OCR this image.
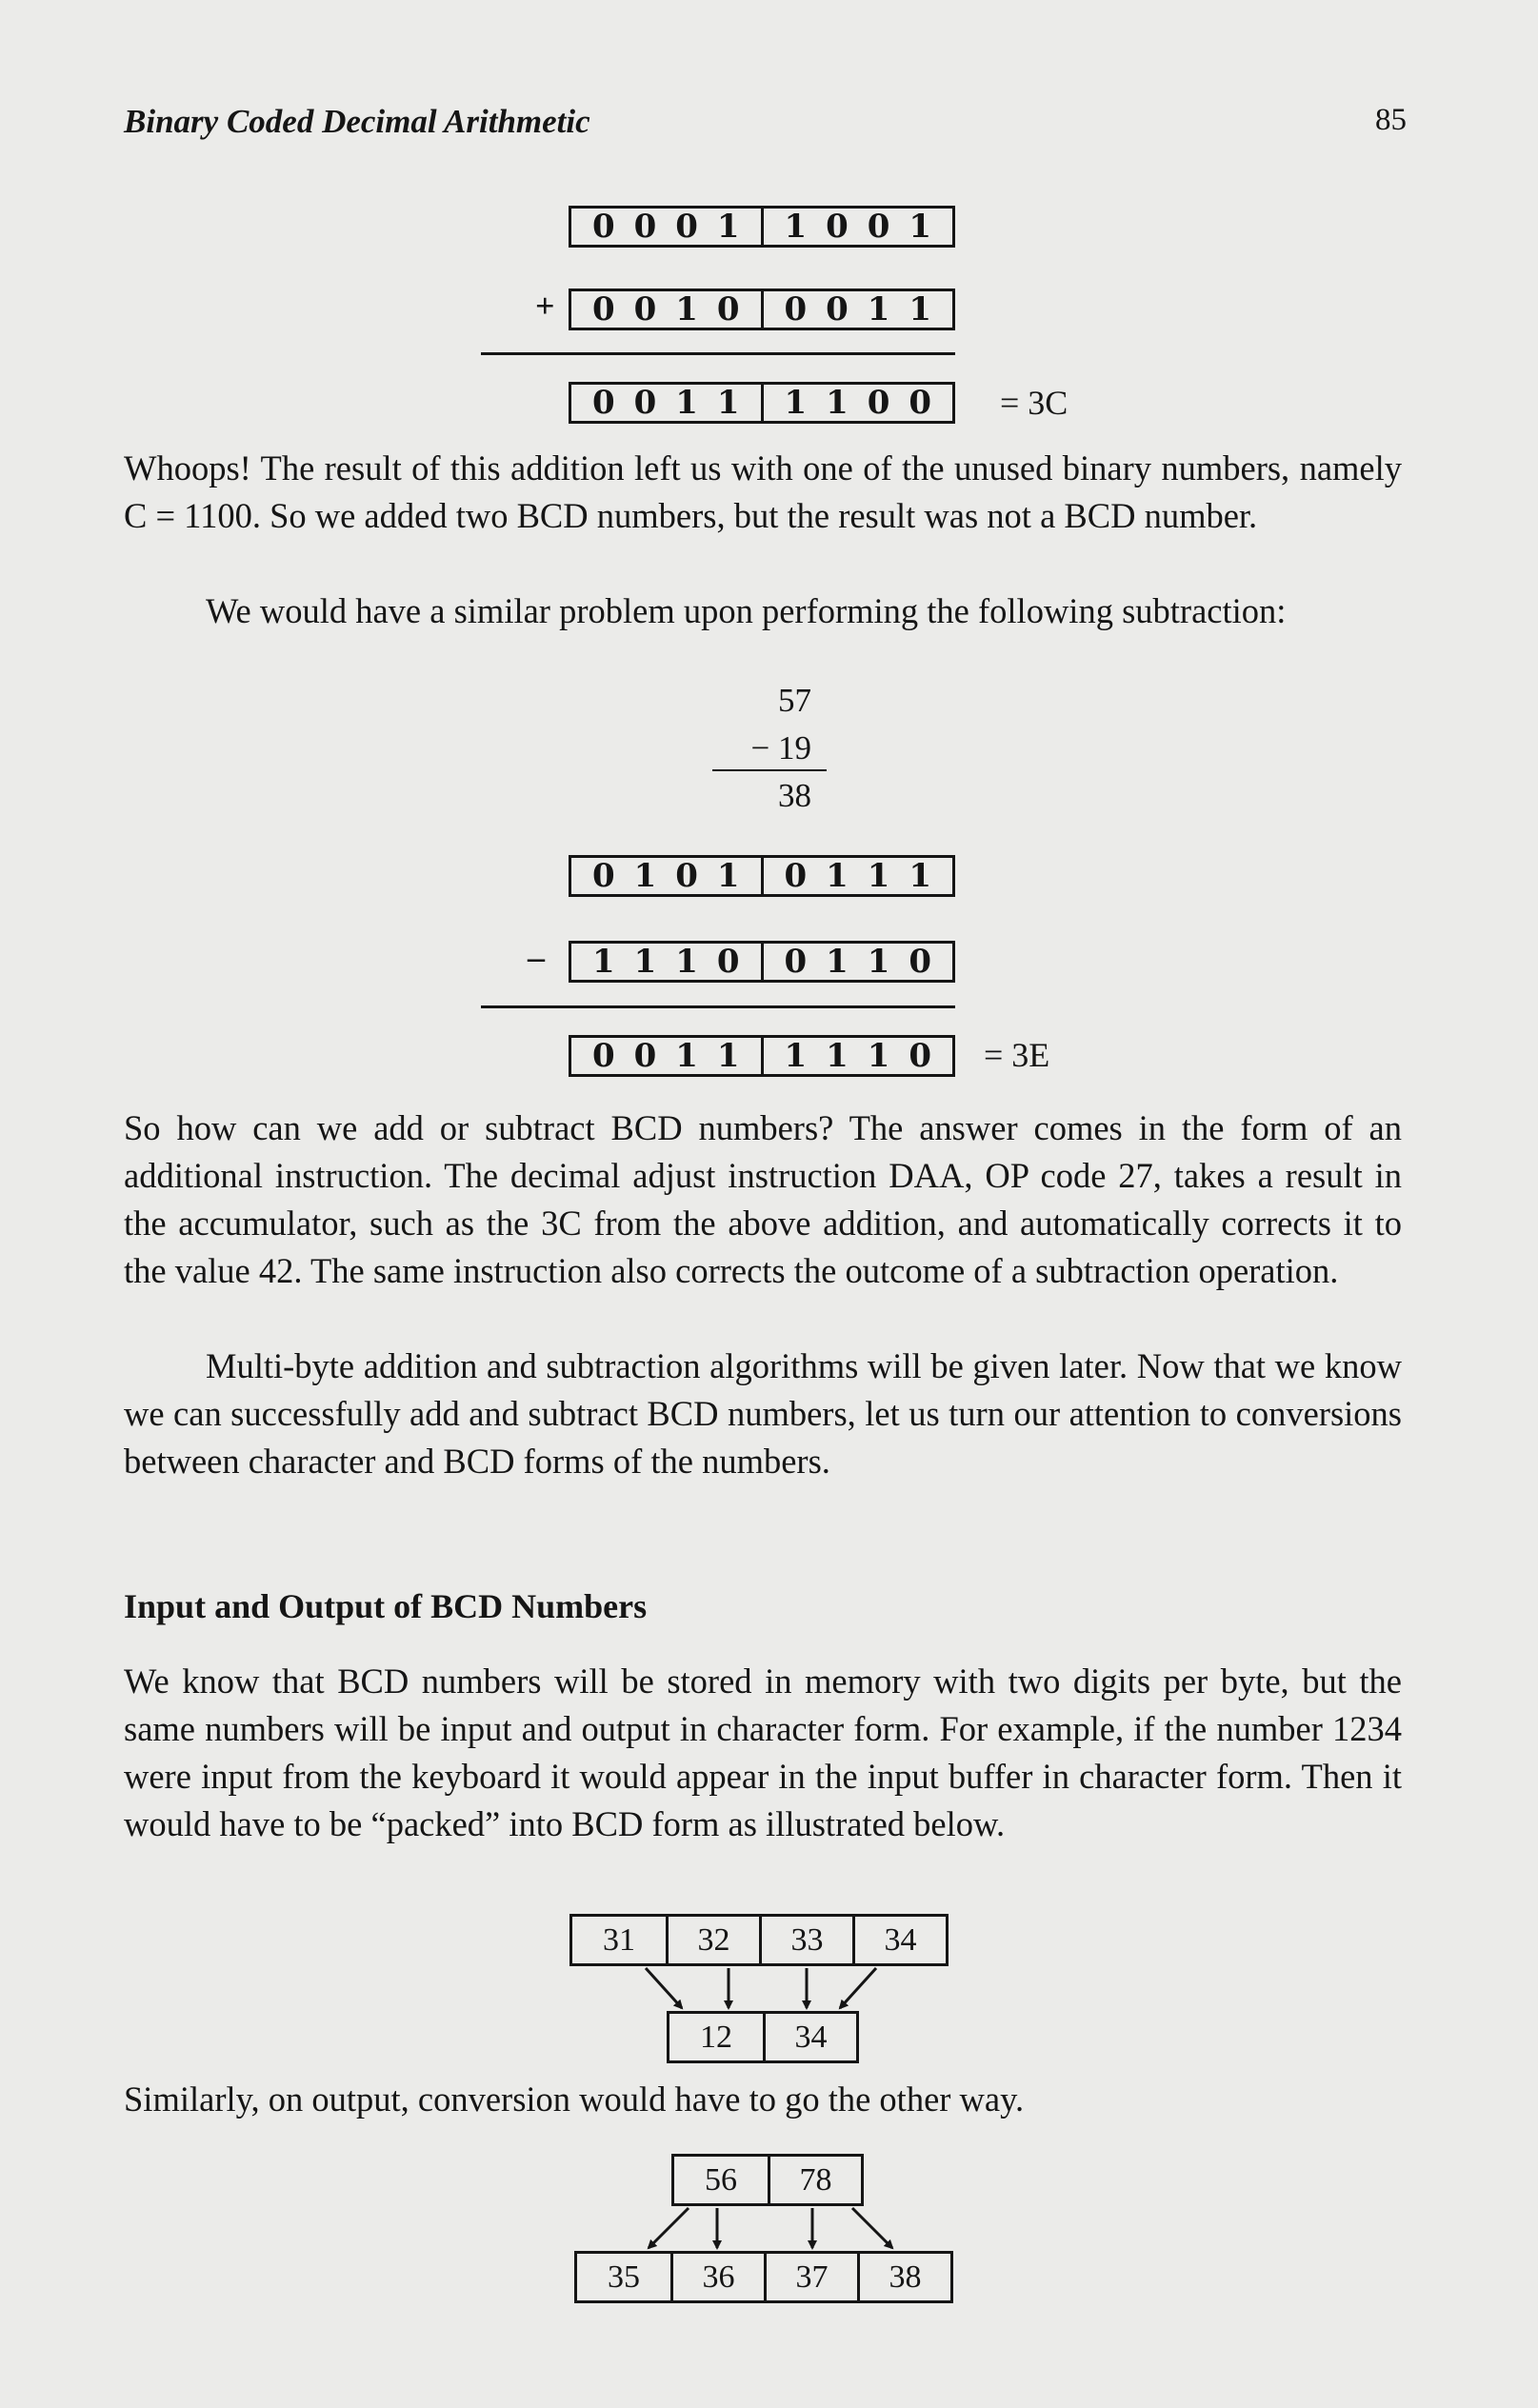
Binary Coded Decimal Arithmetic	85
0 0 0 1 1 0 0 1
+ 0 0 1 0 0 0 1 1
0 0 1 1 1 1 0 0 = 3C

Whoops! The result of this addition left us with one of the unused binary numbers, namely C = 1100. So we added two BCD numbers, but the result was not a BCD number.

We would have a similar problem upon performing the following subtraction:

57
− 19
38
0 1 0 1 0 1 1 1
– 1 1 1 0 0 1 1 0
0 0 1 1 1 1 1 0 = 3E

So how can we add or subtract BCD numbers? The answer comes in the form of an additional instruction. The decimal adjust instruction DAA, OP code 27, takes a result in the accumulator, such as the 3C from the above addition, and automatically corrects it to the value 42. The same instruction also corrects the outcome of a subtraction operation.

Multi-byte addition and subtraction algorithms will be given later. Now that we know we can successfully add and subtract BCD numbers, let us turn our attention to conversions between character and BCD forms of the numbers.

Input and Output of BCD Numbers

We know that BCD numbers will be stored in memory with two digits per byte, but the same numbers will be input and output in character form. For example, if the number 1234 were input from the keyboard it would appear in the input buffer in character form. Then it would have to be “packed” into BCD form as illustrated below.

31	32	33	34
12	34

Similarly, on output, conversion would have to go the other way.

56	78
35	36	37	38
